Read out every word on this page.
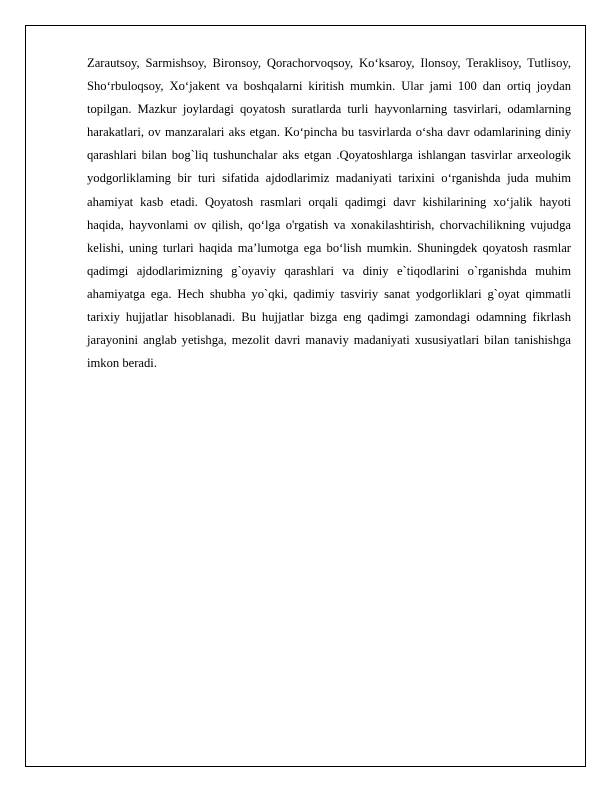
Zarautsoy, Sarmishsoy, Bironsoy, Qorachorvoqsoy, Ko‘ksaroy, Ilonsoy, Teraklisoy, Tutlisoy, Sho‘rbuloqsoy, Xo‘jakent va boshqalarni kiritish mumkin. Ular jami 100 dan ortiq joydan topilgan. Mazkur joylardagi qoyatosh suratlarda turli hayvonlarning tasvirlari, odamlarning harakatlari, ov manzaralari aks etgan. Ko‘pincha bu tasvirlarda o‘sha davr odamlarining diniy qarashlari bilan bog`liq tushunchalar aks etgan .Qoyatoshlarga ishlangan tasvirlar arxeologik yodgorliklaming bir turi sifatida ajdodlarimiz madaniyati tarixini o‘rganishda juda muhim ahamiyat kasb etadi. Qoyatosh rasmlari orqali qadimgi davr kishilarining xo‘jalik hayoti haqida, hayvonlami ov qilish, qo‘lga o'rgatish va xonakilashtirish, chorvachilikning vujudga kelishi, uning turlari haqida ma’lumotga ega bo‘lish mumkin. Shuningdek qoyatosh rasmlar qadimgi ajdodlarimizning g`oyaviy qarashlari va diniy e`tiqodlarini o`rganishda muhim ahamiyatga ega. Hech shubha yo`qki, qadimiy tasviriy sanat yodgorliklari g`oyat qimmatli tarixiy hujjatlar hisoblanadi. Bu hujjatlar bizga eng qadimgi zamondagi odamning fikrlash jarayonini anglab yetishga, mezolit davri manaviy madaniyati xususiyatlari bilan tanishishga imkon beradi.
